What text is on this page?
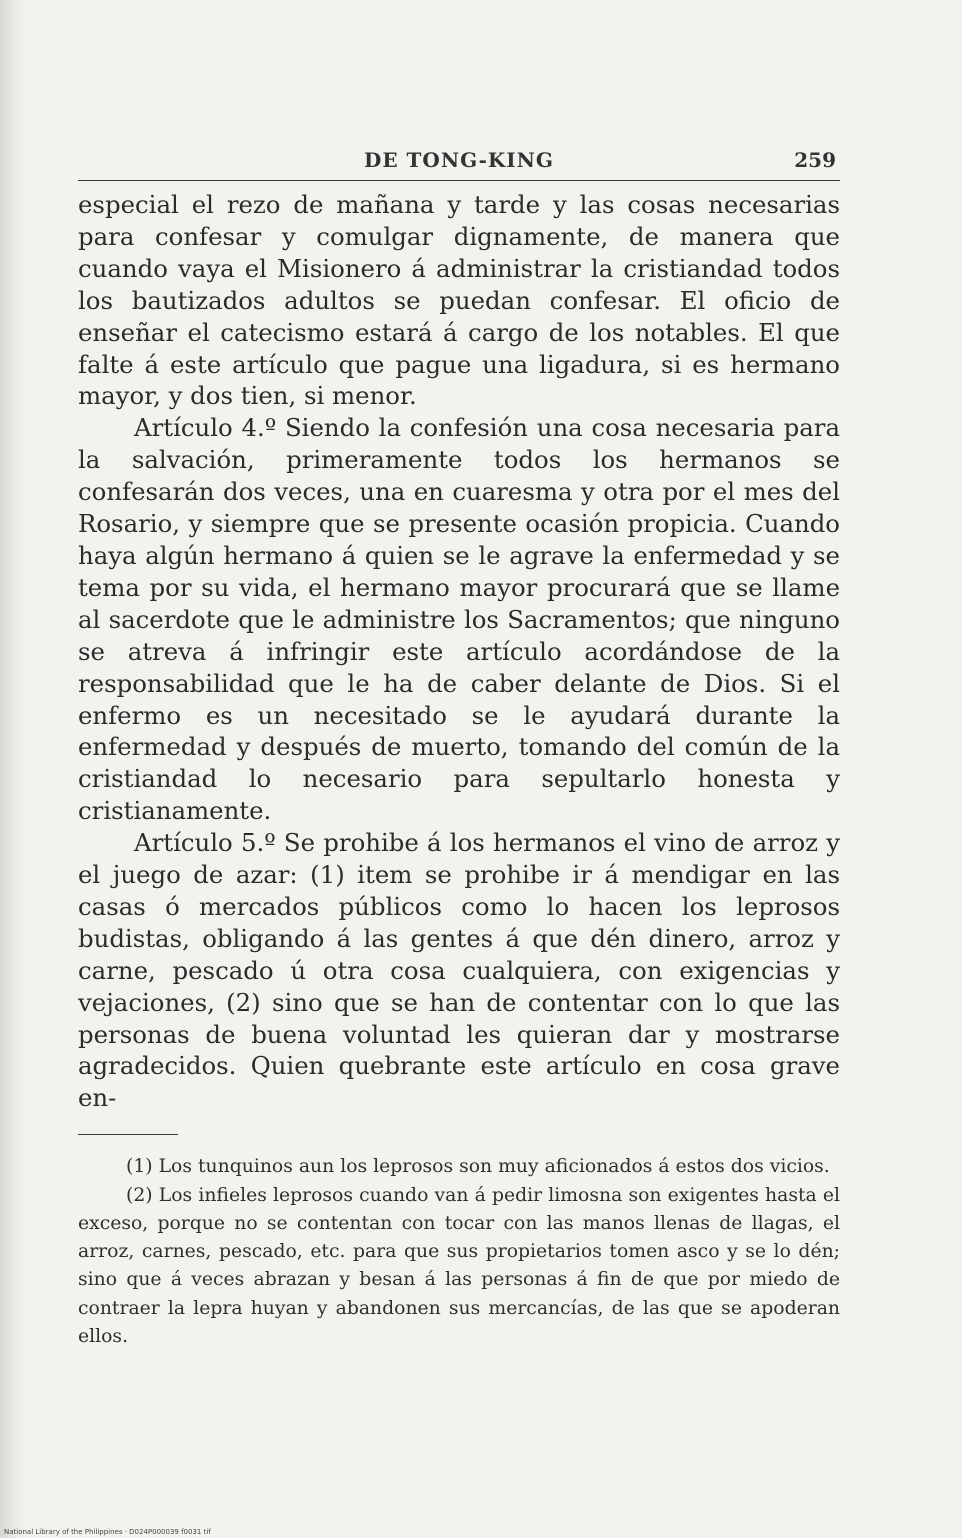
DE TONG-KING	259

especial el rezo de mañana y tarde y las cosas necesarias para confesar y comulgar dignamente, de manera que cuando vaya el Misionero á administrar la cristiandad todos los bautizados adultos se puedan confesar. El oficio de enseñar el catecismo estará á cargo de los notables. El que falte á este artículo que pague una ligadura, si es hermano mayor, y dos tien, si menor.

Artículo 4.º Siendo la confesión una cosa necesaria para la salvación, primeramente todos los hermanos se confesarán dos veces, una en cuaresma y otra por el mes del Rosario, y siempre que se presente ocasión propicia. Cuando haya algún hermano á quien se le agrave la enfermedad y se tema por su vida, el hermano mayor procurará que se llame al sacerdote que le administre los Sacramentos; que ninguno se atreva á infringir este artículo acordándose de la responsabilidad que le ha de caber delante de Dios. Si el enfermo es un necesitado se le ayudará durante la enfermedad y después de muerto, tomando del común de la cristiandad lo necesario para sepultarlo honesta y cristianamente.

Artículo 5.º Se prohibe á los hermanos el vino de arroz y el juego de azar: (1) item se prohibe ir á mendigar en las casas ó mercados públicos como lo hacen los leprosos budistas, obligando á las gentes á que dén dinero, arroz y carne, pescado ú otra cosa cualquiera, con exigencias y vejaciones, (2) sino que se han de contentar con lo que las personas de buena voluntad les quieran dar y mostrarse agradecidos. Quien quebrante este artículo en cosa grave en-

(1) Los tunquinos aun los leprosos son muy aficionados á estos dos vicios.

(2) Los infieles leprosos cuando van á pedir limosna son exigentes hasta el exceso, porque no se contentan con tocar con las manos llenas de llagas, el arroz, carnes, pescado, etc. para que sus propietarios tomen asco y se lo dén; sino que á veces abrazan y besan á las personas á fin de que por miedo de contraer la lepra huyan y abandonen sus mercancías, de las que se apoderan ellos.

National Library of the Philippines · D024P000039 f0031 tif
